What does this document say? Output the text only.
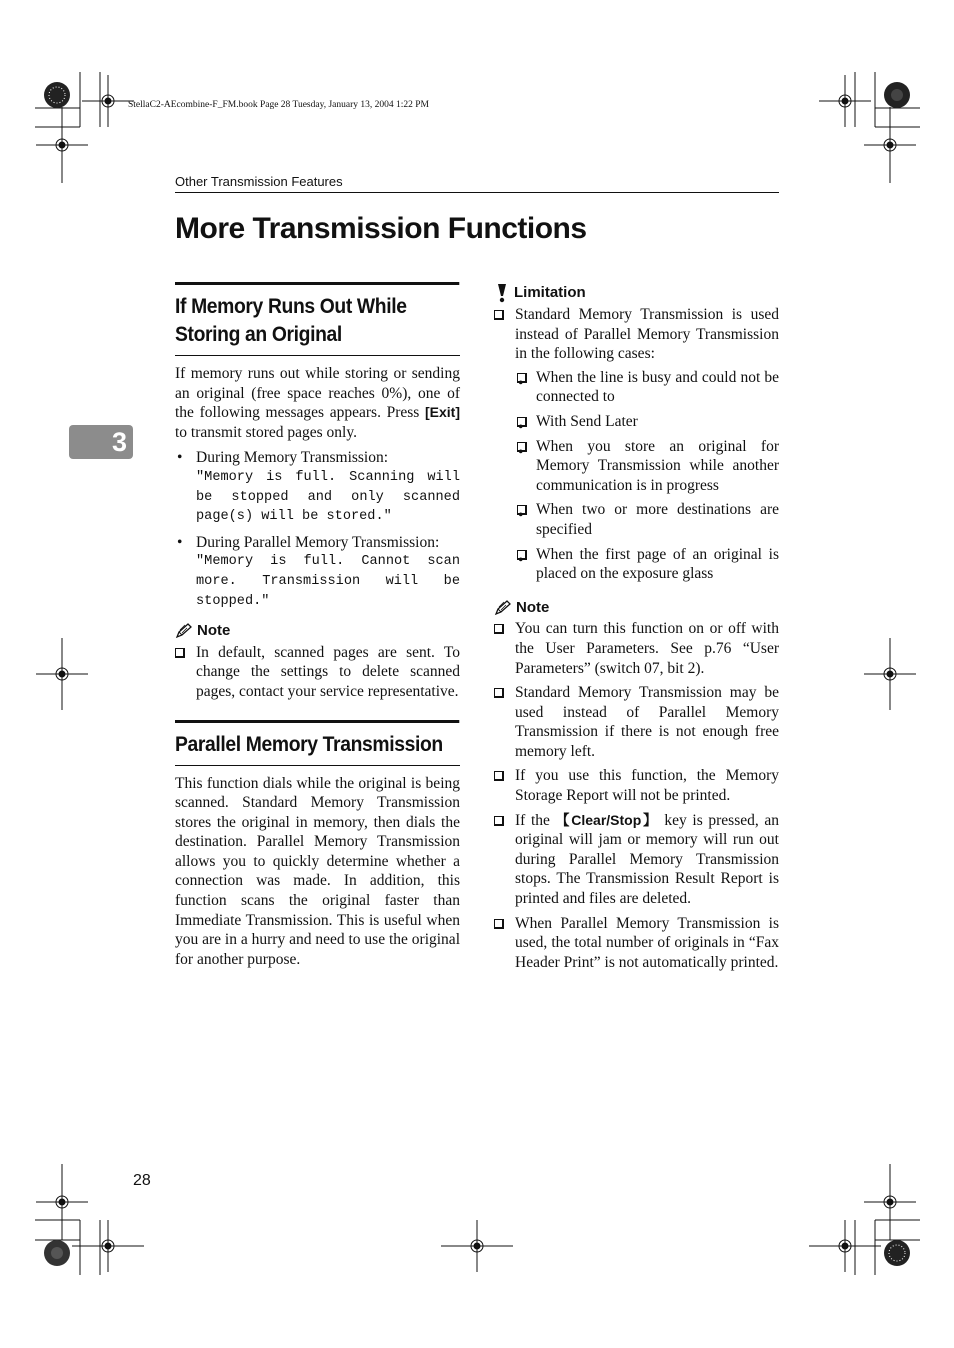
StellaC2-AEcombine-F_FM.book Page 28 Tuesday, January 13, 2004 1:22 PM
Other Transmission Features
More Transmission Functions
3
If Memory Runs Out While
Storing an Original

If memory runs out while storing or sending an original (free space reaches 0%), one of the following messages appears. Press [Exit] to transmit stored pages only.

• During Memory Transmission:
"Memory is full. Scanning will be stopped and only scanned page(s) will be stored."
• During Parallel Memory Transmission:
"Memory is full. Cannot scan more. Transmission will be stopped."
Note
In default, scanned pages are sent. To change the settings to delete scanned pages, contact your service representative.
Parallel Memory Transmission

This function dials while the original is being scanned. Standard Memory Transmission stores the original in memory, then dials the destination. Parallel Memory Transmission allows you to quickly determine whether a connection was made. In addition, this function scans the original faster than Immediate Transmission. This is useful when you are in a hurry and need to use the original for another purpose.

Limitation
Standard Memory Transmission is used instead of Parallel Memory Transmission in the following cases:
• When the line is busy and could not be connected to
• With Send Later
• When you store an original for Memory Transmission while another communication is in progress
• When two or more destinations are specified
• When the first page of an original is placed on the exposure glass
Note
You can turn this function on or off with the User Parameters. See p.76 “User Parameters” (switch 07, bit 2).
Standard Memory Transmission may be used instead of Parallel Memory Transmission if there is not enough free memory left.
If you use this function, the Memory Storage Report will not be printed.
If the 【Clear/Stop】 key is pressed, an original will jam or memory will run out during Parallel Memory Transmission stops. The Transmission Result Report is printed and files are deleted.
When Parallel Memory Transmission is used, the total number of originals in “Fax Header Print” is not automatically printed.
28
